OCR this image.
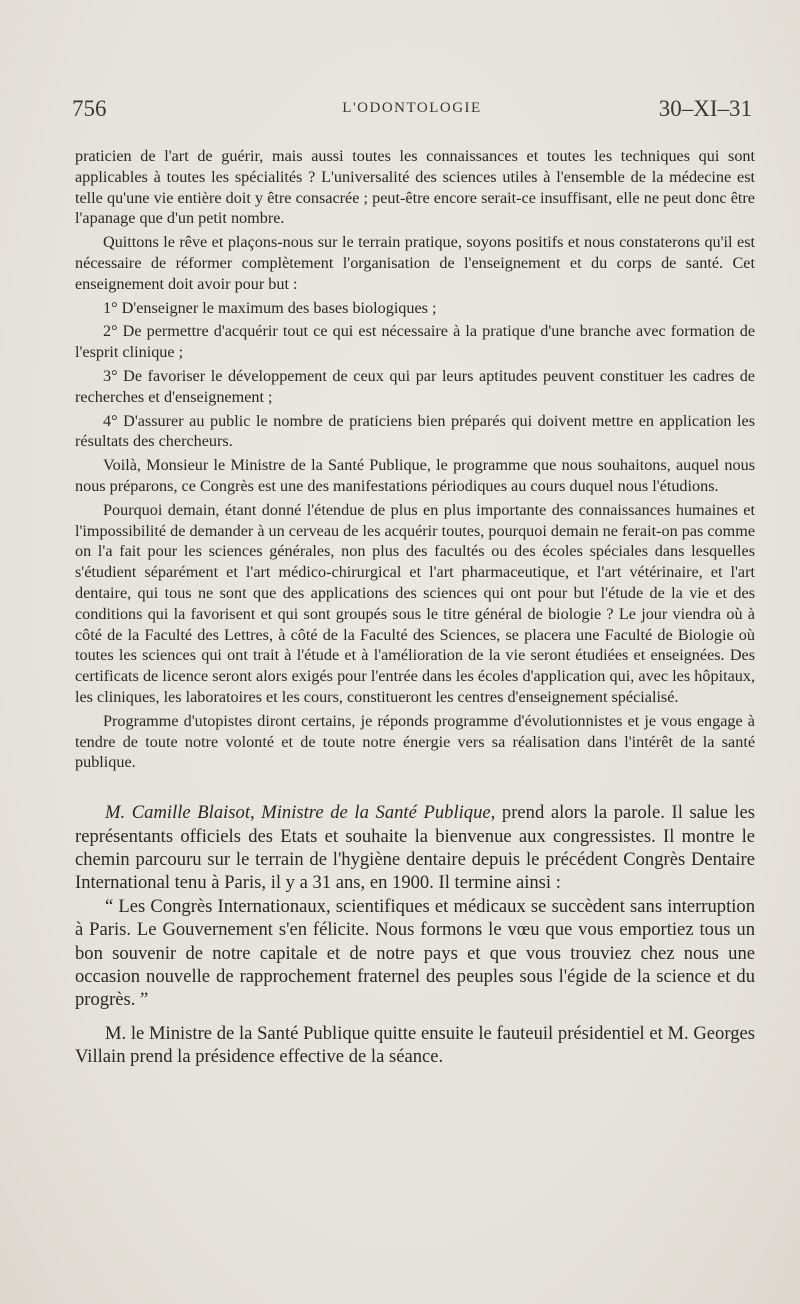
756	L'ODONTOLOGIE	30–XI–31

praticien de l'art de guérir, mais aussi toutes les connaissances et toutes les techniques qui sont applicables à toutes les spécialités ? L'universalité des sciences utiles à l'ensemble de la médecine est telle qu'une vie entière doit y être consacrée ; peut-être encore serait-ce insuffisant, elle ne peut donc être l'apanage que d'un petit nombre.

Quittons le rêve et plaçons-nous sur le terrain pratique, soyons positifs et nous constaterons qu'il est nécessaire de réformer complètement l'organisation de l'enseignement et du corps de santé. Cet enseignement doit avoir pour but :

1° D'enseigner le maximum des bases biologiques ;

2° De permettre d'acquérir tout ce qui est nécessaire à la pratique d'une branche avec formation de l'esprit clinique ;

3° De favoriser le développement de ceux qui par leurs aptitudes peuvent constituer les cadres de recherches et d'enseignement ;

4° D'assurer au public le nombre de praticiens bien préparés qui doivent mettre en application les résultats des chercheurs.

Voilà, Monsieur le Ministre de la Santé Publique, le programme que nous souhaitons, auquel nous nous préparons, ce Congrès est une des manifestations périodiques au cours duquel nous l'étudions.

Pourquoi demain, étant donné l'étendue de plus en plus importante des connaissances humaines et l'impossibilité de demander à un cerveau de les acquérir toutes, pourquoi demain ne ferait-on pas comme on l'a fait pour les sciences générales, non plus des facultés ou des écoles spéciales dans lesquelles s'étudient séparément et l'art médico-chirurgical et l'art pharmaceutique, et l'art vétérinaire, et l'art dentaire, qui tous ne sont que des applications des sciences qui ont pour but l'étude de la vie et des conditions qui la favorisent et qui sont groupés sous le titre général de biologie ? Le jour viendra où à côté de la Faculté des Lettres, à côté de la Faculté des Sciences, se placera une Faculté de Biologie où toutes les sciences qui ont trait à l'étude et à l'amélioration de la vie seront étudiées et enseignées. Des certificats de licence seront alors exigés pour l'entrée dans les écoles d'application qui, avec les hôpitaux, les cliniques, les laboratoires et les cours, constitueront les centres d'enseignement spécialisé.

Programme d'utopistes diront certains, je réponds programme d'évolutionnistes et je vous engage à tendre de toute notre volonté et de toute notre énergie vers sa réalisation dans l'intérêt de la santé publique.

M. Camille Blaisot, Ministre de la Santé Publique, prend alors la parole. Il salue les représentants officiels des Etats et souhaite la bienvenue aux congressistes. Il montre le chemin parcouru sur le terrain de l'hygiène dentaire depuis le précédent Congrès Dentaire International tenu à Paris, il y a 31 ans, en 1900. Il termine ainsi :

“ Les Congrès Internationaux, scientifiques et médicaux se succèdent sans interruption à Paris. Le Gouvernement s'en félicite. Nous formons le vœu que vous emportiez tous un bon souvenir de notre capitale et de notre pays et que vous trouviez chez nous une occasion nouvelle de rapprochement fraternel des peuples sous l'égide de la science et du progrès. ”

M. le Ministre de la Santé Publique quitte ensuite le fauteuil présidentiel et M. Georges Villain prend la présidence effective de la séance.
